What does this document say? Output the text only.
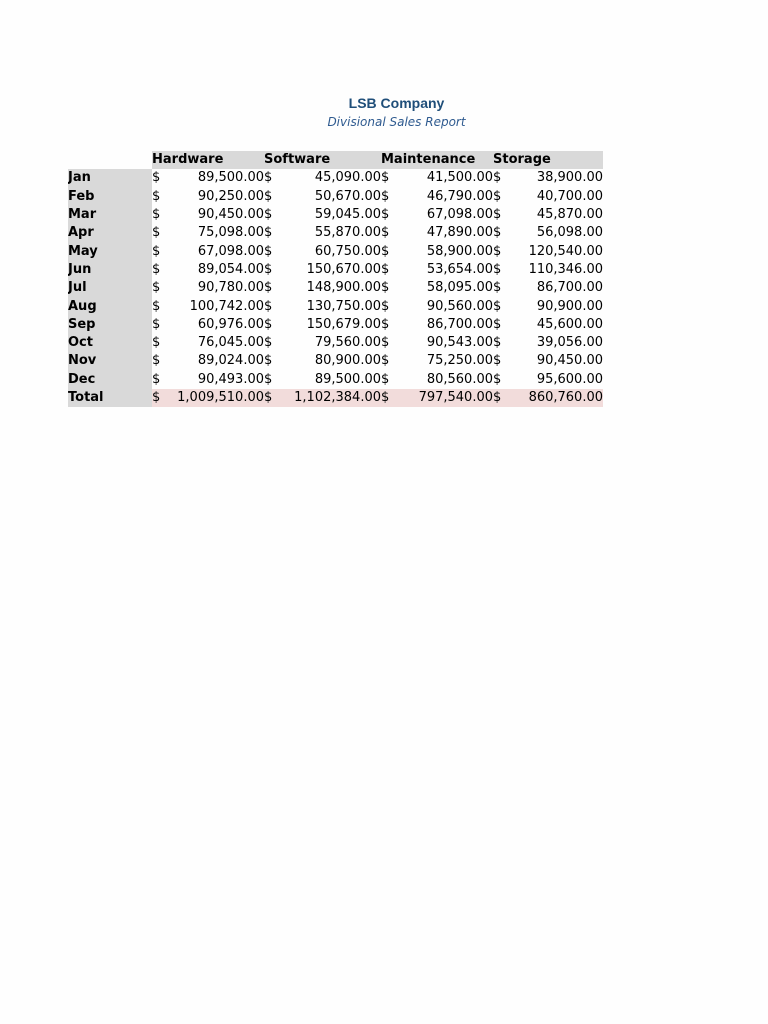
LSB Company
Divisional Sales Report
	Hardware		Software		Maintenance		Storage	
Jan	$	89,500.00	$	45,090.00	$	41,500.00	$	38,900.00
Feb	$	90,250.00	$	50,670.00	$	46,790.00	$	40,700.00
Mar	$	90,450.00	$	59,045.00	$	67,098.00	$	45,870.00
Apr	$	75,098.00	$	55,870.00	$	47,890.00	$	56,098.00
May	$	67,098.00	$	60,750.00	$	58,900.00	$	120,540.00
Jun	$	89,054.00	$	150,670.00	$	53,654.00	$	110,346.00
Jul	$	90,780.00	$	148,900.00	$	58,095.00	$	86,700.00
Aug	$	100,742.00	$	130,750.00	$	90,560.00	$	90,900.00
Sep	$	60,976.00	$	150,679.00	$	86,700.00	$	45,600.00
Oct	$	76,045.00	$	79,560.00	$	90,543.00	$	39,056.00
Nov	$	89,024.00	$	80,900.00	$	75,250.00	$	90,450.00
Dec	$	90,493.00	$	89,500.00	$	80,560.00	$	95,600.00
Total	$	1,009,510.00	$	1,102,384.00	$	797,540.00	$	860,760.00
